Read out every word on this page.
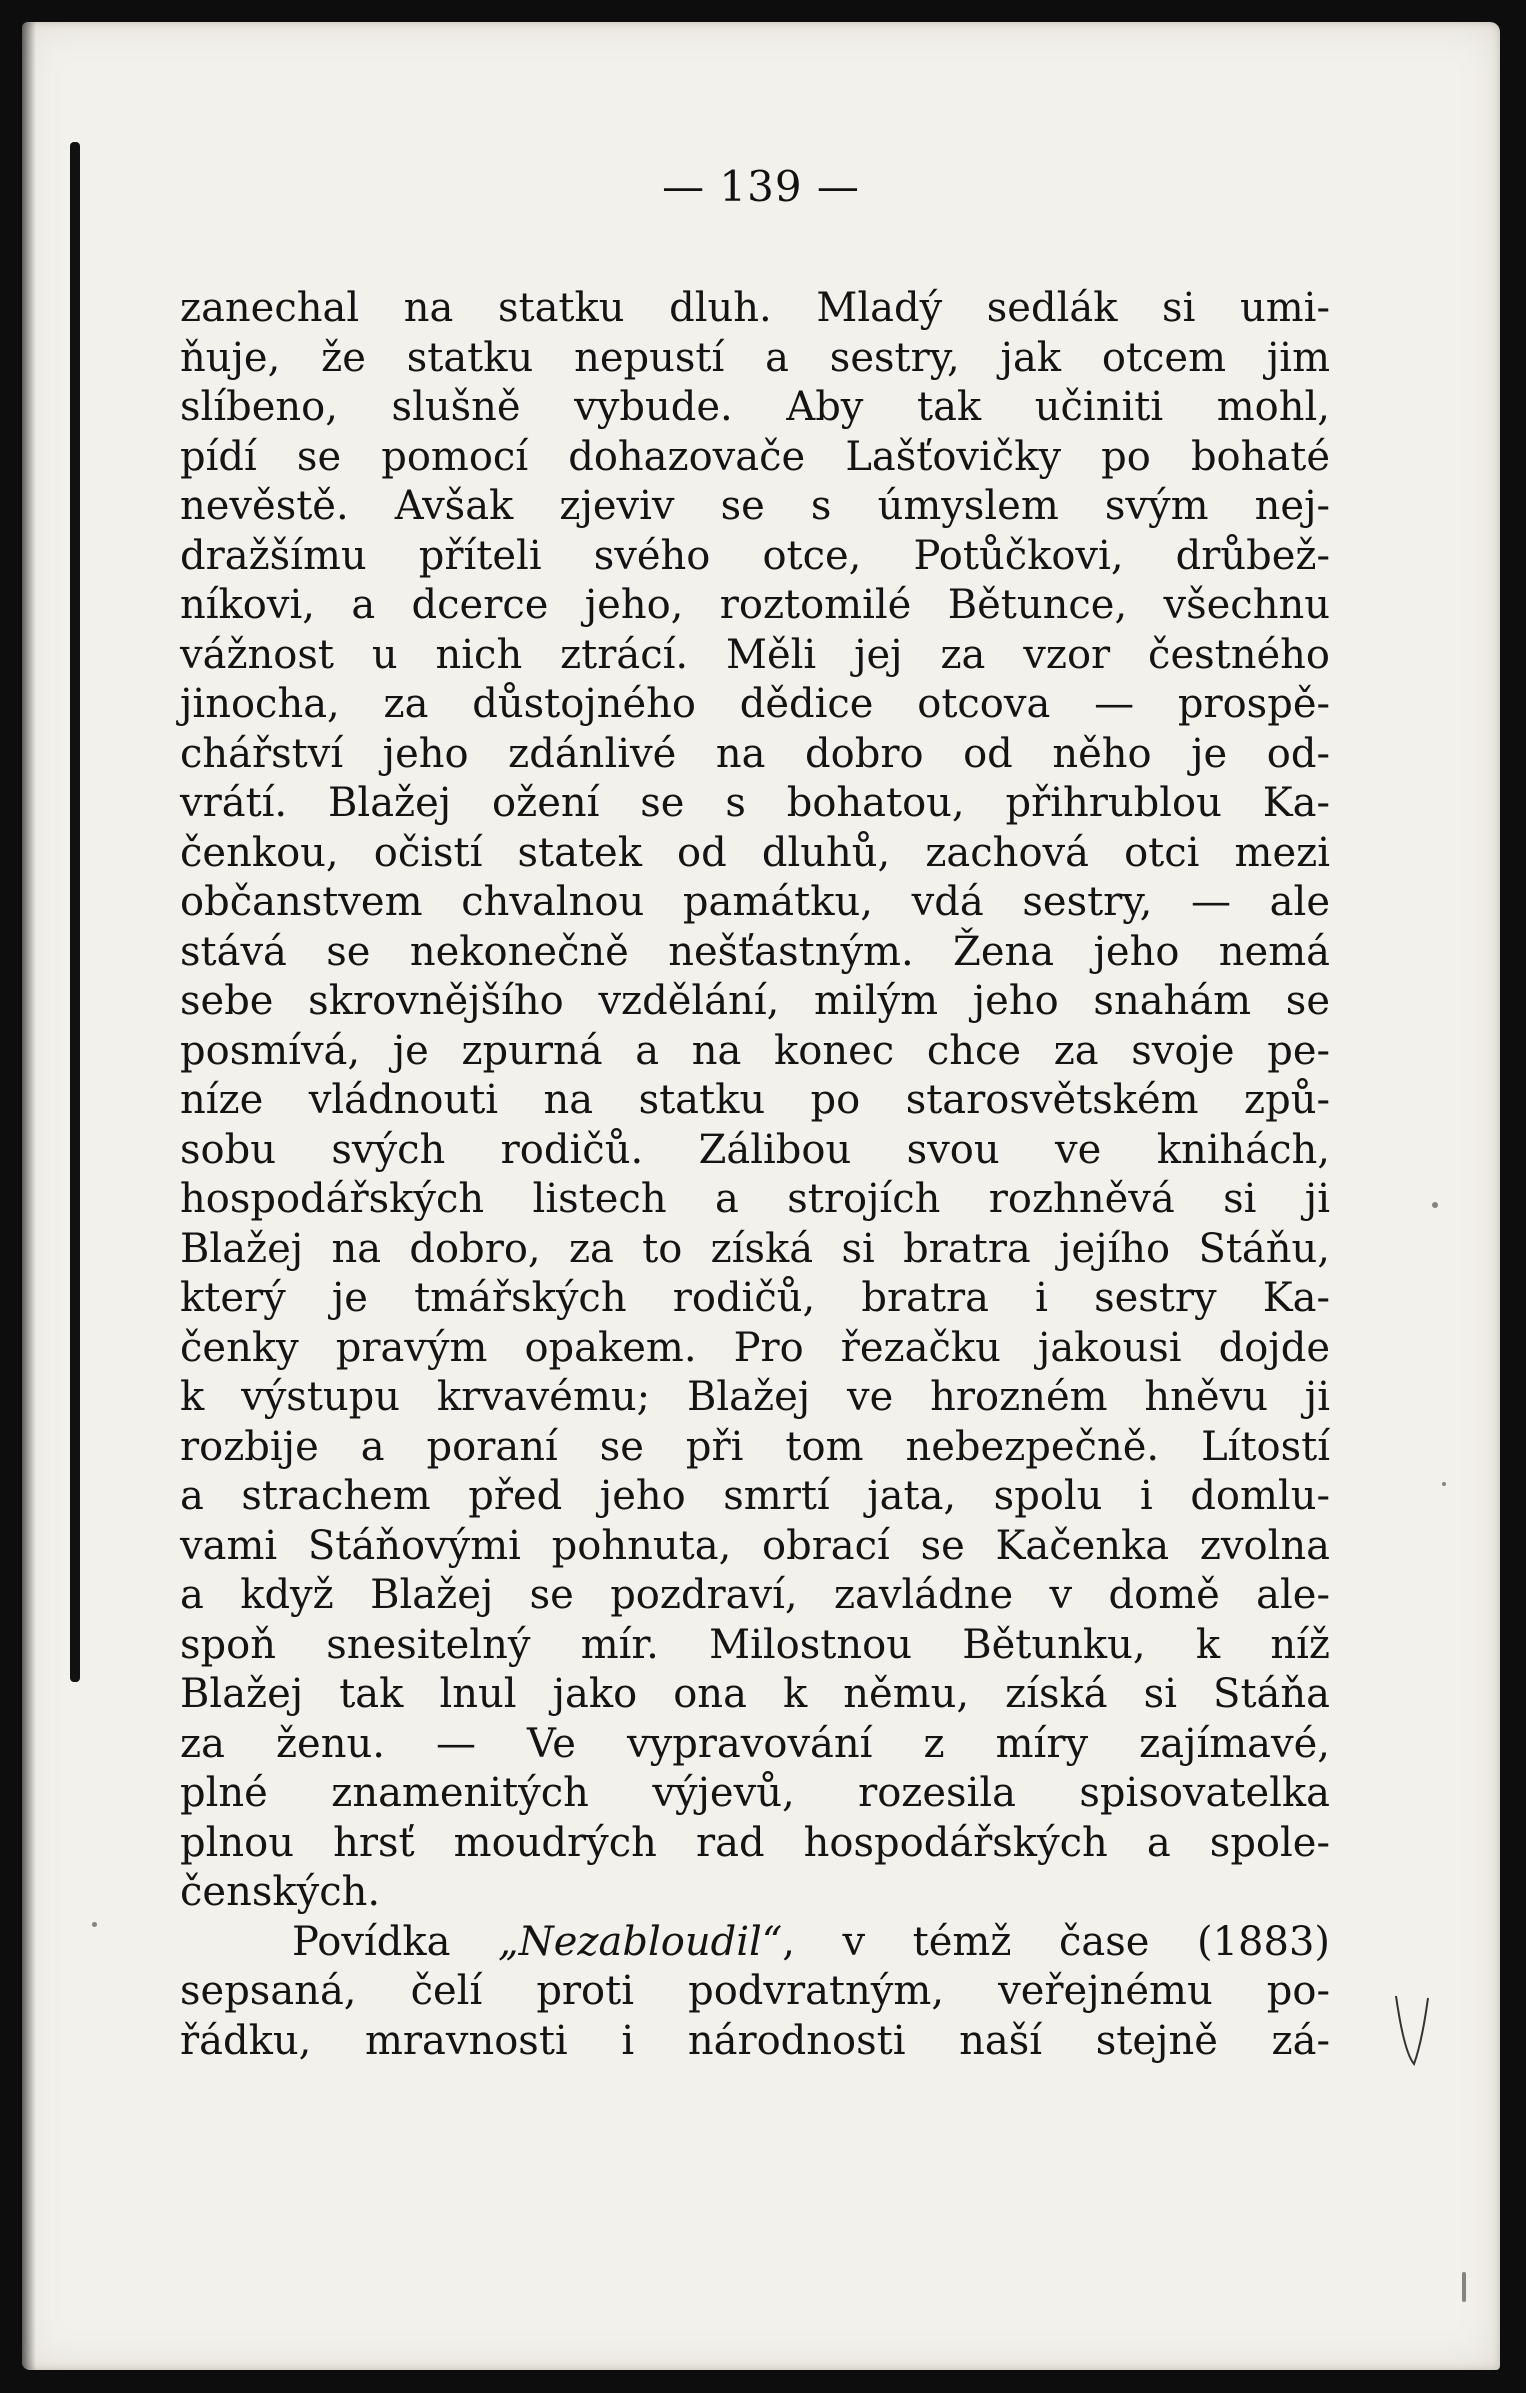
— 139 —
zanechal na statku dluh. Mladý sedlák si umi-
ňuje, že statku nepustí a sestry, jak otcem jim
slíbeno, slušně vybude. Aby tak učiniti mohl,
pídí se pomocí dohazovače Lašťovičky po bohaté
nevěstě. Avšak zjeviv se s úmyslem svým nej-
dražšímu příteli svého otce, Potůčkovi, drůbež-
níkovi, a dcerce jeho, roztomilé Bětunce, všechnu
vážnost u nich ztrácí. Měli jej za vzor čestného
jinocha, za důstojného dědice otcova — prospě-
chářství jeho zdánlivé na dobro od něho je od-
vrátí. Blažej ožení se s bohatou, přihrublou Ka-
čenkou, očistí statek od dluhů, zachová otci mezi
občanstvem chvalnou památku, vdá sestry, — ale
stává se nekonečně nešťastným. Žena jeho nemá
sebe skrovnějšího vzdělání, milým jeho snahám se
posmívá, je zpurná a na konec chce za svoje pe-
níze vládnouti na statku po starosvětském způ-
sobu svých rodičů. Zálibou svou ve knihách,
hospodářských listech a strojích rozhněvá si ji
Blažej na dobro, za to získá si bratra jejího Stáňu,
který je tmářských rodičů, bratra i sestry Ka-
čenky pravým opakem. Pro řezačku jakousi dojde
k výstupu krvavému; Blažej ve hrozném hněvu ji
rozbije a poraní se při tom nebezpečně. Lítostí
a strachem před jeho smrtí jata, spolu i domlu-
vami Stáňovými pohnuta, obrací se Kačenka zvolna
a když Blažej se pozdraví, zavládne v domě ale-
spoň snesitelný mír. Milostnou Bětunku, k níž
Blažej tak lnul jako ona k němu, získá si Stáňa
za ženu. — Ve vypravování z míry zajímavé,
plné znamenitých výjevů, rozesila spisovatelka
plnou hrsť moudrých rad hospodářských a spole-
čenských.
Povídka „Nezabloudil“, v témž čase (1883)
sepsaná, čelí proti podvratným, veřejnému po-
řádku, mravnosti i národnosti naší stejně zá-
